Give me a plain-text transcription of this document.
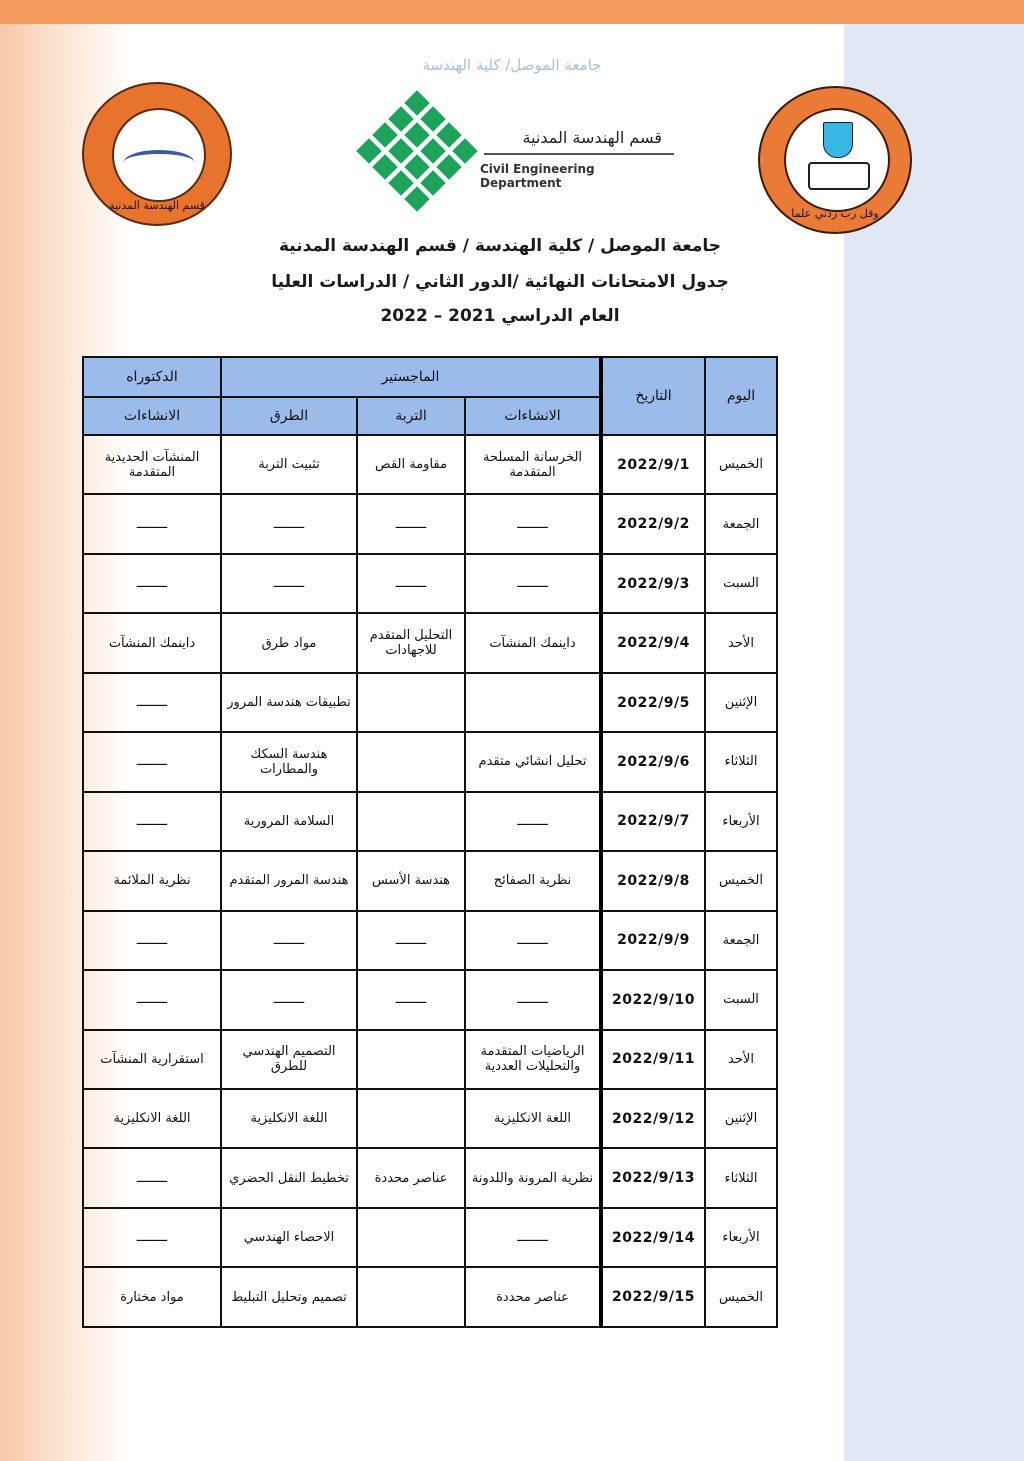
جامعة الموصل/ كلية الهندسة
قسم الهندسة المدنية
قسم الهندسة المدنية
Civil Engineering Department
وقل رب زدني علما
جامعة الموصل / كلية الهندسة / قسم الهندسة المدنية
جدول الامتحانات النهائية /الدور الثاني / الدراسات العليا
العام الدراسي 2021 – 2022
اليوم	التاريخ	الماجستير			الدكتوراه
		الانشاءات	التربة	الطرق	الانشاءات
الخميس	2022/9/1	الخرسانة المسلحة المتقدمة	مقاومة القص	تثبيت التربة	المنشآت الحديدية المتقدمة
الجمعة	2022/9/2	ــــــــ	ــــــــ	ــــــــ	ــــــــ
السبت	2022/9/3	ــــــــ	ــــــــ	ــــــــ	ــــــــ
الأحد	2022/9/4	داينمك المنشآت	التحليل المتقدم للاجهادات	مواد طرق	داينمك المنشآت
الإثنين	2022/9/5			تطبيقات هندسة المرور	ــــــــ
الثلاثاء	2022/9/6	تحليل انشائي متقدم		هندسة السكك والمطارات	ــــــــ
الأربعاء	2022/9/7	ــــــــ		السلامة المرورية	ــــــــ
الخميس	2022/9/8	نظرية الصفائح	هندسة الأسس	هندسة المرور المتقدم	نظرية الملائمة
الجمعة	2022/9/9	ــــــــ	ــــــــ	ــــــــ	ــــــــ
السبت	2022/9/10	ــــــــ	ــــــــ	ــــــــ	ــــــــ
الأحد	2022/9/11	الرياضيات المتقدمة والتحليلات العددية		التصميم الهندسي للطرق	استقرارية المنشآت
الإثنين	2022/9/12	اللغة الانكليزية		اللغة الانكليزية	اللغة الانكليزية
الثلاثاء	2022/9/13	نظرية المرونة واللدونة	عناصر محددة	تخطيط النقل الحضري	ــــــــ
الأربعاء	2022/9/14	ــــــــ		الاحصاء الهندسي	ــــــــ
الخميس	2022/9/15	عناصر محددة		تصميم وتحليل التبليط	مواد مختارة
